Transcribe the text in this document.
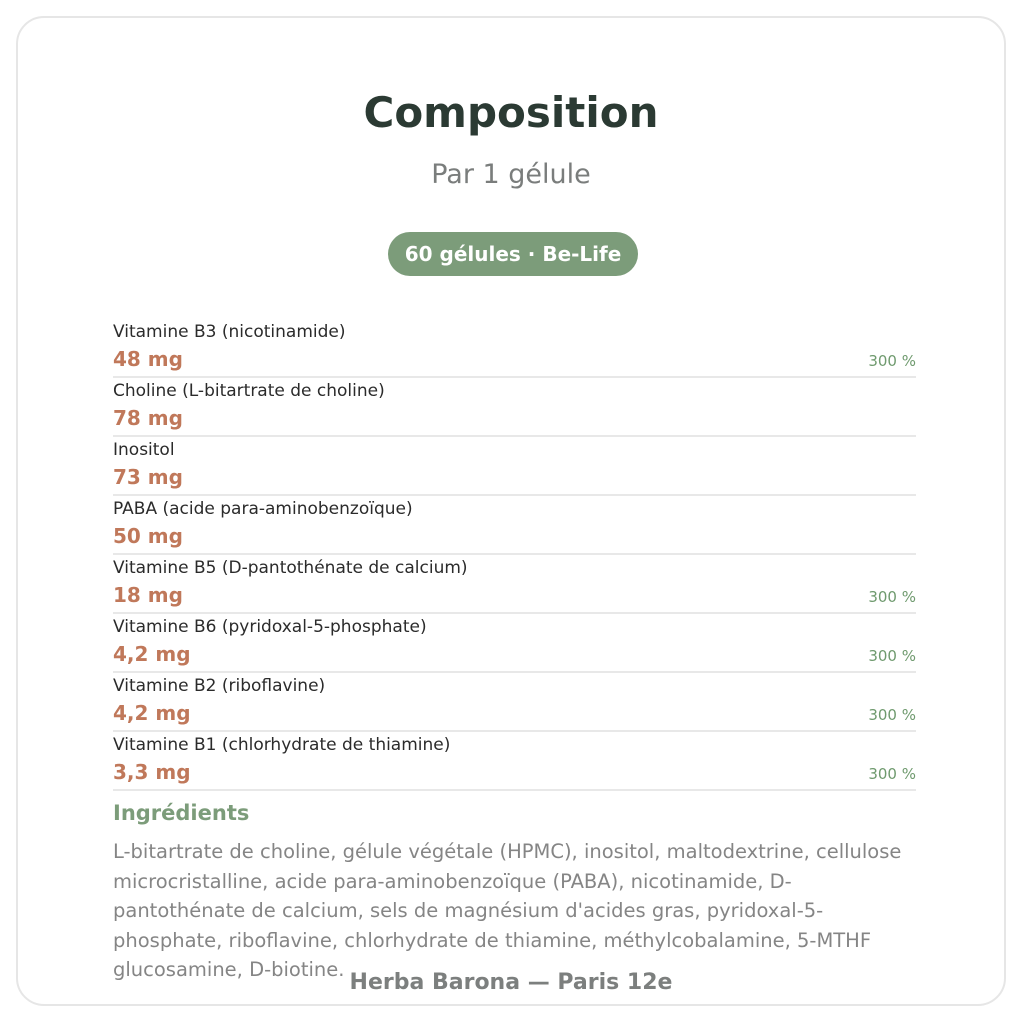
Composition
Par 1 gélule
60 gélules · Be-Life
Vitamine B3 (nicotinamide)
48 mg	300 %
Choline (L-bitartrate de choline)
78 mg
Inositol
73 mg
PABA (acide para-aminobenzoïque)
50 mg
Vitamine B5 (D-pantothénate de calcium)
18 mg	300 %
Vitamine B6 (pyridoxal-5-phosphate)
4,2 mg	300 %
Vitamine B2 (riboflavine)
4,2 mg	300 %
Vitamine B1 (chlorhydrate de thiamine)
3,3 mg	300 %
Ingrédients
L-bitartrate de choline, gélule végétale (HPMC), inositol, maltodextrine, cellulose microcristalline, acide para-aminobenzoïque (PABA), nicotinamide, D-pantothénate de calcium, sels de magnésium d'acides gras, pyridoxal-5-phosphate, riboflavine, chlorhydrate de thiamine, méthylcobalamine, 5-MTHF glucosamine, D-biotine.
Herba Barona — Paris 12e
